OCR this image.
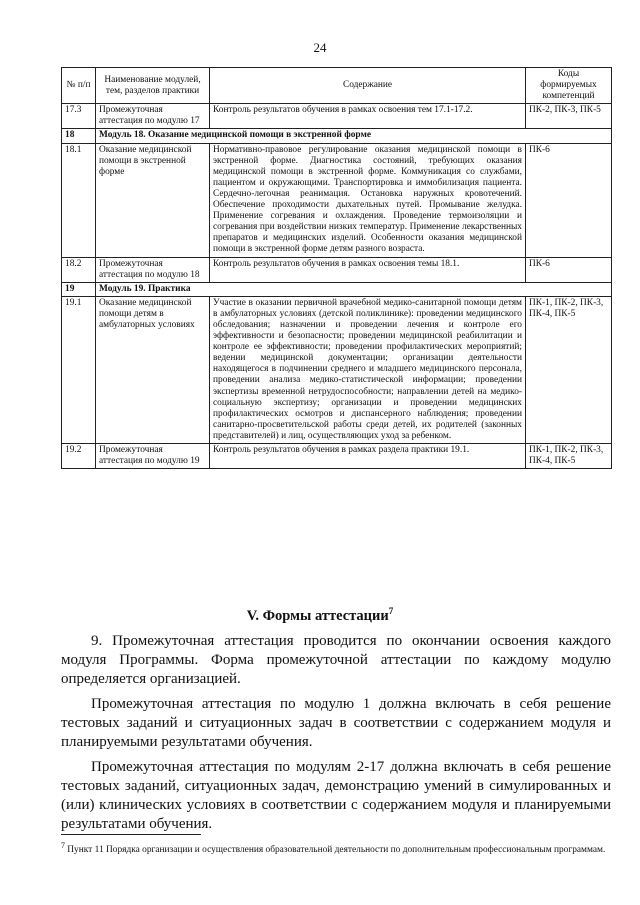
24
№ п/п	Наименование модулей, тем, разделов практики	Содержание	Коды формируемых компетенций
17.3	Промежуточная аттестация по модулю 17	Контроль результатов обучения в рамках освоения тем 17.1-17.2.	ПК-2, ПК-3, ПК-5
18	Модуль 18. Оказание медицинской помощи в экстренной форме		
18.1	Оказание медицинской помощи в экстренной форме	Нормативно-правовое регулирование оказания медицинской помощи в экстренной форме. Диагностика состояний, требующих оказания медицинской помощи в экстренной форме. Коммуникация со службами, пациентом и окружающими. Транспортировка и иммобилизация пациента. Сердечно-легочная реанимация. Остановка наружных кровотечений. Обеспечение проходимости дыхательных путей. Промывание желудка. Применение согревания и охлаждения. Проведение термоизоляции и согревания при воздействии низких температур. Применение лекарственных препаратов и медицинских изделий. Особенности оказания медицинской помощи в экстренной форме детям разного возраста.	ПК-6
18.2	Промежуточная аттестация по модулю 18	Контроль результатов обучения в рамках освоения темы 18.1.	ПК-6
19	Модуль 19. Практика		
19.1	Оказание медицинской помощи детям в амбулаторных условиях	Участие в оказании первичной врачебной медико-санитарной помощи детям в амбулаторных условиях (детской поликлинике): проведении медицинского обследования; назначении и проведении лечения и контроле его эффективности и безопасности; проведении медицинской реабилитации и контроле ее эффективности; проведении профилактических мероприятий; ведении медицинской документации; организации деятельности находящегося в подчинении среднего и младшего медицинского персонала, проведении анализа медико-статистической информации; проведении экспертизы временной нетрудоспособности; направлении детей на медико-социальную экспертизу; организации и проведении медицинских профилактических осмотров и диспансерного наблюдения; проведении санитарно-просветительской работы среди детей, их родителей (законных представителей) и лиц, осуществляющих уход за ребенком.	ПК-1, ПК-2, ПК-3, ПК-4, ПК-5
19.2	Промежуточная аттестация по модулю 19	Контроль результатов обучения в рамках раздела практики 19.1.	ПК-1, ПК-2, ПК-3, ПК-4, ПК-5
V. Формы аттестации$^7$

9. Промежуточная аттестация проводится по окончании освоения каждого модуля Программы. Форма промежуточной аттестации по каждому модулю определяется организацией.

Промежуточная аттестация по модулю 1 должна включать в себя решение тестовых заданий и ситуационных задач в соответствии с содержанием модуля и планируемыми результатами обучения.

Промежуточная аттестация по модулям 2-17 должна включать в себя решение тестовых заданий, ситуационных задач, демонстрацию умений в симулированных и (или) клинических условиях в соответствии с содержанием модуля и планируемыми результатами обучения.

$^7$ Пункт 11 Порядка организации и осуществления образовательной деятельности по дополнительным профессиональным программам.
